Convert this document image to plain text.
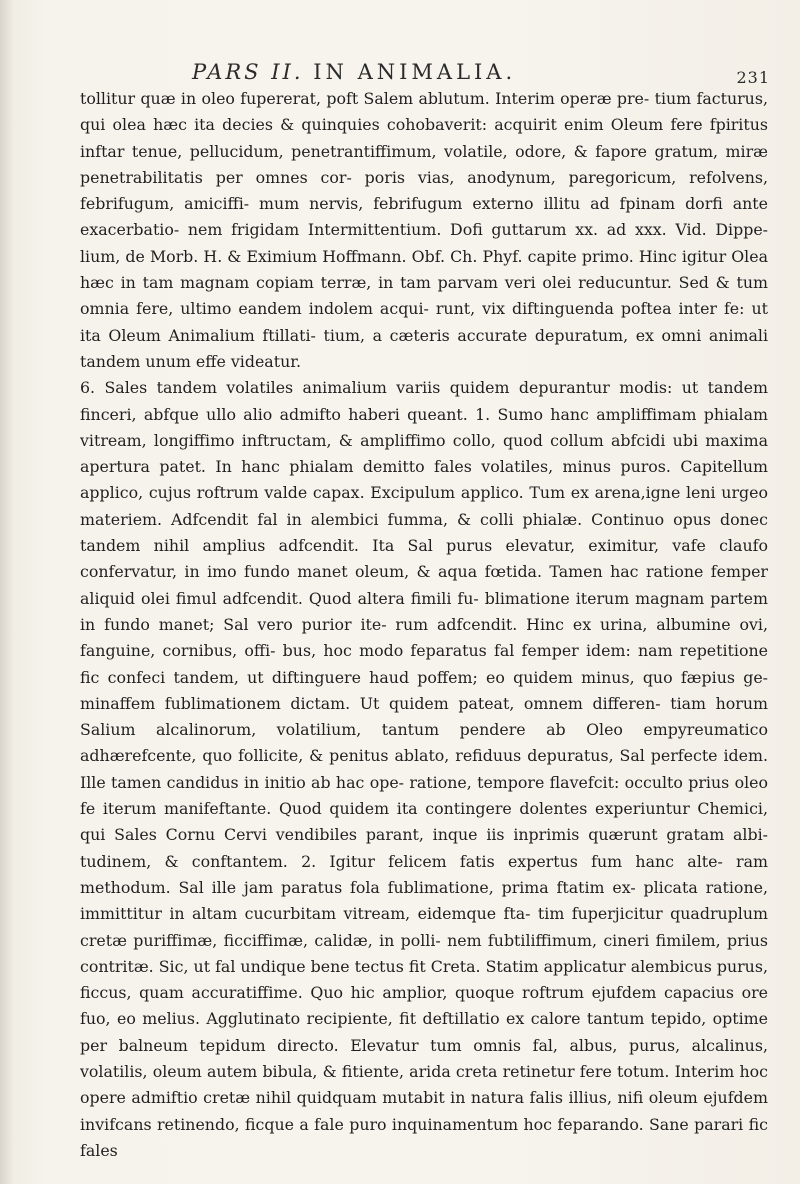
PARS II. IN ANIMALIA.	231

tollitur quæ in oleo fupererat, poft Salem ablutum. Interim operæ pre- tium facturus, qui olea hæc ita decies & quinquies cohobaverit: acquirit enim Oleum fere fpiritus inftar tenue, pellucidum, penetrantiffimum, volatile, odore, & fapore gratum, miræ penetrabilitatis per omnes cor- poris vias, anodynum, paregoricum, refolvens, febrifugum, amiciffi- mum nervis, febrifugum externo illitu ad fpinam dorfi ante exacerbatio- nem frigidam Intermittentium. Dofi guttarum xx. ad xxx. Vid. Dippe- lium, de Morb. H. & Eximium Hoffmann. Obf. Ch. Phyf. capite primo. Hinc igitur Olea hæc in tam magnam copiam terræ, in tam parvam veri olei reducuntur. Sed & tum omnia fere, ultimo eandem indolem acqui- runt, vix diftinguenda poftea inter fe: ut ita Oleum Animalium ftillati- tium, a cæteris accurate depuratum, ex omni animali tandem unum effe videatur.

6. Sales tandem volatiles animalium variis quidem depurantur modis: ut tandem finceri, abfque ullo alio admifto haberi queant. 1. Sumo hanc ampliffimam phialam vitream, longiffimo inftructam, & ampliffimo collo, quod collum abfcidi ubi maxima apertura patet. In hanc phialam demitto fales volatiles, minus puros. Capitellum applico, cujus roftrum valde capax. Excipulum applico. Tum ex arena,igne leni urgeo materiem. Adfcendit fal in alembici fumma, & colli phialæ. Continuo opus donec tandem nihil amplius adfcendit. Ita Sal purus elevatur, eximitur, vafe claufo confervatur, in imo fundo manet oleum, & aqua fœtida. Tamen hac ratione femper aliquid olei fimul adfcendit. Quod altera fimili fu- blimatione iterum magnam partem in fundo manet; Sal vero purior ite- rum adfcendit. Hinc ex urina, albumine ovi, fanguine, cornibus, offi- bus, hoc modo feparatus fal femper idem: nam repetitione fic confeci tandem, ut diftinguere haud poffem; eo quidem minus, quo fæpius ge- minaffem fublimationem dictam. Ut quidem pateat, omnem differen- tiam horum Salium alcalinorum, volatilium, tantum pendere ab Oleo empyreumatico adhærefcente, quo follicite, & penitus ablato, refiduus depuratus, Sal perfecte idem. Ille tamen candidus in initio ab hac ope- ratione, tempore flavefcit: occulto prius oleo fe iterum manifeftante. Quod quidem ita contingere dolentes experiuntur Chemici, qui Sales Cornu Cervi vendibiles parant, inque iis inprimis quærunt gratam albi- tudinem, & conftantem. 2. Igitur felicem fatis expertus fum hanc alte- ram methodum. Sal ille jam paratus fola fublimatione, prima ftatim ex- plicata ratione, immittitur in altam cucurbitam vitream, eidemque fta- tim fuperjicitur quadruplum cretæ puriffimæ, ficciffimæ, calidæ, in polli- nem fubtiliffimum, cineri fimilem, prius contritæ. Sic, ut fal undique bene tectus fit Creta. Statim applicatur alembicus purus, ficcus, quam accuratiffime. Quo hic amplior, quoque roftrum ejufdem capacius ore fuo, eo melius. Agglutinato recipiente, fit deftillatio ex calore tantum tepido, optime per balneum tepidum directo. Elevatur tum omnis fal, albus, purus, alcalinus, volatilis, oleum autem bibula, & fitiente, arida creta retinetur fere totum. Interim hoc opere admiftio cretæ nihil quidquam mutabit in natura falis illius, nifi oleum ejufdem invifcans retinendo, ficque a fale puro inquinamentum hoc feparando. Sane parari fic fales
